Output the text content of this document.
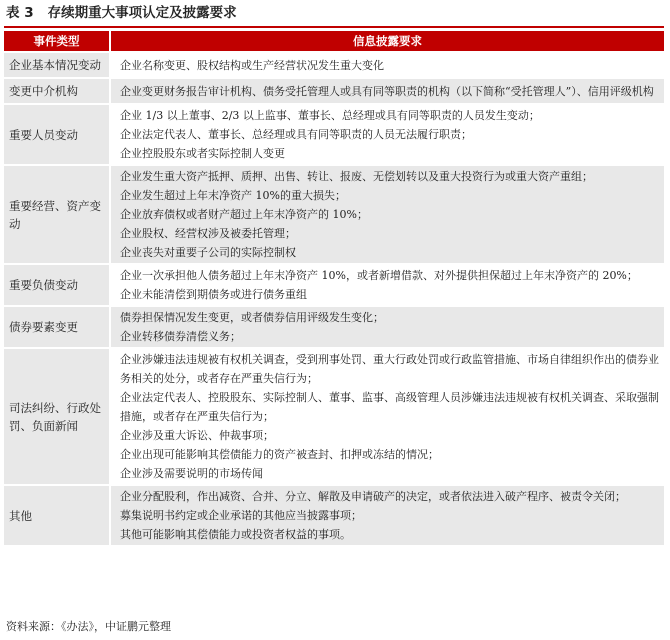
表 3 存续期重大事项认定及披露要求
事件类型	信息披露要求
企业基本情况变动	企业名称变更、股权结构或生产经营状况发生重大变化

变更中介机构	企业变更财务报告审计机构、债务受托管理人或具有同等职责的机构（以下简称“受托管理人”）、信用评级机构

重要人员变动	企业 1/3 以上董事、2/3 以上监事、董事长、总经理或具有同等职责的人员发生变动；
企业法定代表人、董事长、总经理或具有同等职责的人员无法履行职责；
企业控股股东或者实际控制人变更

重要经营、资产变动	企业发生重大资产抵押、质押、出售、转让、报废、无偿划转以及重大投资行为或重大资产重组；
企业发生超过上年末净资产 10%的重大损失；
企业放弃债权或者财产超过上年末净资产的 10%；
企业股权、经营权涉及被委托管理；
企业丧失对重要子公司的实际控制权

重要负债变动	企业一次承担他人债务超过上年末净资产 10%，或者新增借款、对外提供担保超过上年末净资产的 20%；
企业未能清偿到期债务或进行债务重组

债券要素变更	债券担保情况发生变更，或者债券信用评级发生变化；
企业转移债券清偿义务；

司法纠纷、行政处罚、负面新闻	企业涉嫌违法违规被有权机关调查，受到刑事处罚、重大行政处罚或行政监管措施、市场自律组织作出的债券业务相关的处分，或者存在严重失信行为；
企业法定代表人、控股股东、实际控制人、董事、监事、高级管理人员涉嫌违法违规被有权机关调查、采取强制措施，或者存在严重失信行为；
企业涉及重大诉讼、仲裁事项；
企业出现可能影响其偿债能力的资产被查封、扣押或冻结的情况；
企业涉及需要说明的市场传闻

其他	企业分配股利，作出减资、合并、分立、解散及申请破产的决定，或者依法进入破产程序、被责令关闭；
募集说明书约定或企业承诺的其他应当披露事项；
其他可能影响其偿债能力或投资者权益的事项。
资料来源：《办法》，中证鹏元整理
